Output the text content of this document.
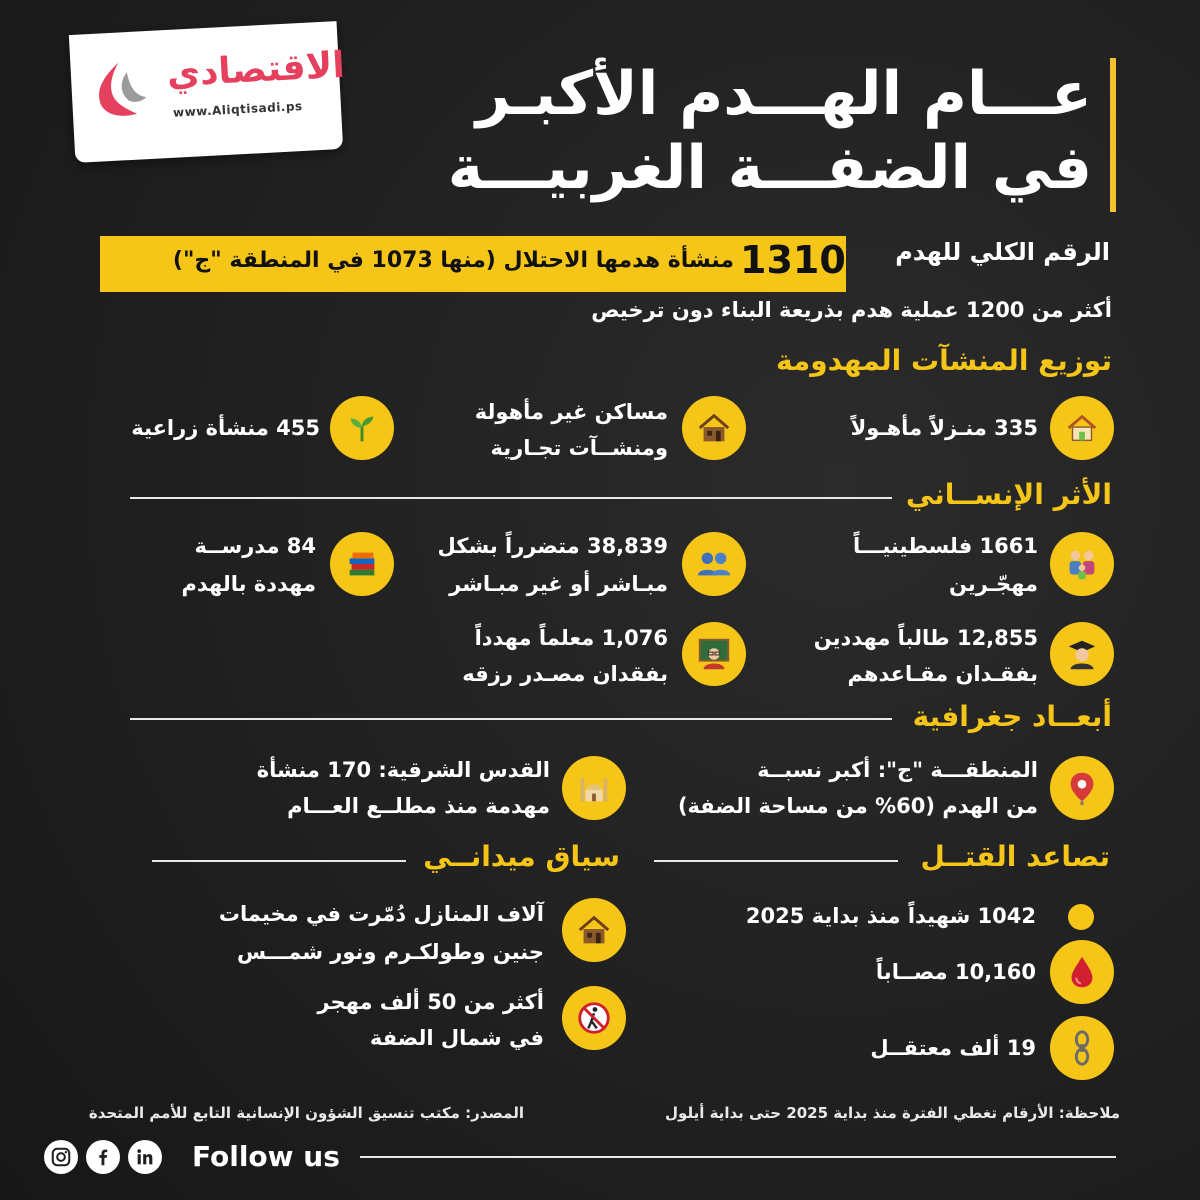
الاقتصادي
www.Aliqtisadi.ps	عـــام الهـــدم الأكبـر
في الضفـــة الغربيـــة
الرقم الكلي للهدم
1310
منشأة هدمها الاحتلال (منها 1073 في المنطقة "ج")
أكثر من 1200 عملية هدم بذريعة البناء دون ترخيص
توزيع المنشآت المهدومة
335 منـزلاً مأهـولاً
مساكن غير مأهولة
ومنشــآت تجـارية
455 منشأة زراعية
الأثر الإنســاني
1661 فلسطينيـــاً
مهجّـرين
38,839 متضرراً بشكل
مبـاشر أو غير مبـاشر
84 مدرســة
مهددة بالهدم
12,855 طالباً مهددين
بفقـدان مقـاعدهم
1,076 معلماً مهدداً
بفقدان مصـدر رزقه
أبعــاد جغرافية
المنطقـــة "ج": أكبر نسبــة
من الهدم (60% من مساحة الضفة)
القدس الشرقية: 170 منشأة
مهدمة منذ مطلــع العـــام
تصاعد القتــل
1042 شهيداً منذ بداية 2025
10,160 مصــاباً
19 ألف معتقــل
سياق ميدانــي
آلاف المنازل دُمّرت في مخيمات
جنين وطولكـرم ونور شمـــس
أكثر من 50 ألف مهجر
في شمال الضفة
ملاحظة: الأرقام تغطي الفترة منذ بداية 2025 حتى بداية أيلول
المصدر: مكتب تنسيق الشؤون الإنسانية التابع للأمم المتحدة
Follow us
